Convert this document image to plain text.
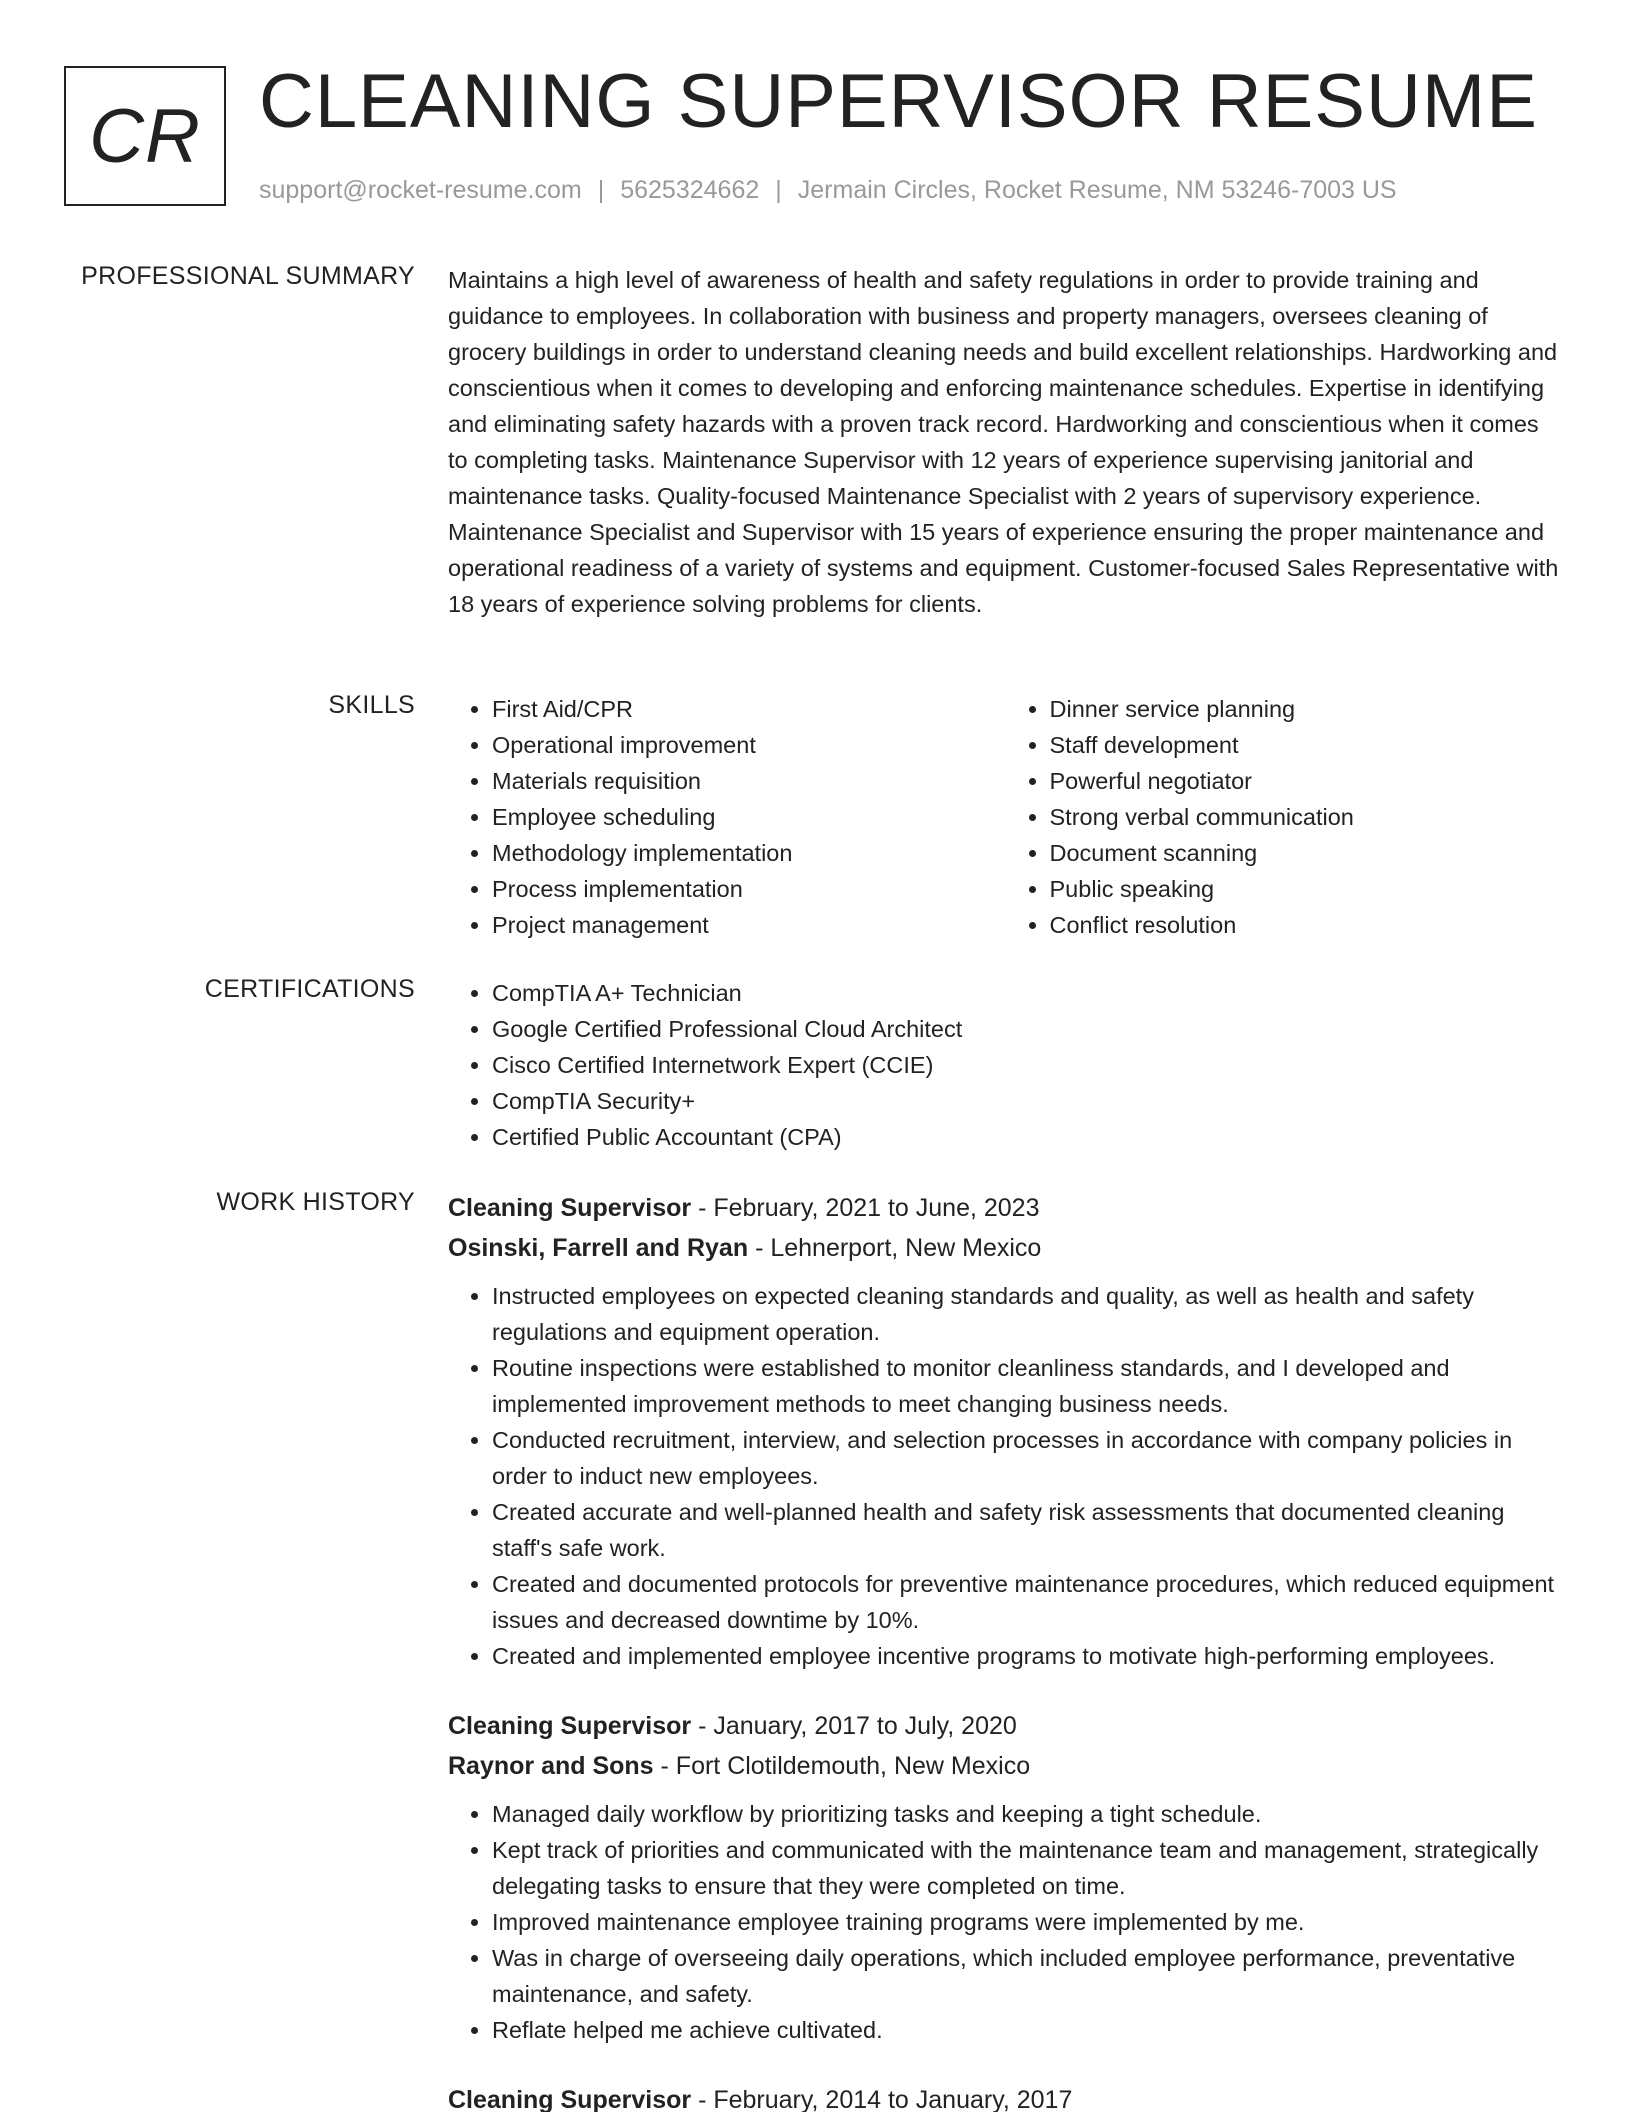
CR CLEANING SUPERVISOR RESUME
support@rocket-resume.com | 5625324662 | Jermain Circles, Rocket Resume, NM 53246-7003 US
PROFESSIONAL SUMMARY Maintains a high level of awareness of health and safety regulations in order to provide training and guidance to employees. In collaboration with business and property managers, oversees cleaning of grocery buildings in order to understand cleaning needs and build excellent relationships. Hardworking and conscientious when it comes to developing and enforcing maintenance schedules. Expertise in identifying and eliminating safety hazards with a proven track record. Hardworking and conscientious when it comes to completing tasks. Maintenance Supervisor with 12 years of experience supervising janitorial and maintenance tasks. Quality-focused Maintenance Specialist with 2 years of supervisory experience. Maintenance Specialist and Supervisor with 15 years of experience ensuring the proper maintenance and operational readiness of a variety of systems and equipment. Customer-focused Sales Representative with 18 years of experience solving problems for clients.

SKILLS	• First Aid/CPR
• Operational improvement
• Materials requisition
• Employee scheduling
• Methodology implementation
• Process implementation
• Project management
• Dinner service planning
• Staff development
• Powerful negotiator
• Strong verbal communication
• Document scanning
• Public speaking
• Conflict resolution
CERTIFICATIONS	• CompTIA A+ Technician
• Google Certified Professional Cloud Architect
• Cisco Certified Internetwork Expert (CCIE)
• CompTIA Security+
• Certified Public Accountant (CPA)
WORK HISTORY Cleaning Supervisor - February, 2021 to June, 2023
Osinski, Farrell and Ryan - Lehnerport, New Mexico
• Instructed employees on expected cleaning standards and quality, as well as health and safety regulations and equipment operation.
• Routine inspections were established to monitor cleanliness standards, and I developed and implemented improvement methods to meet changing business needs.
• Conducted recruitment, interview, and selection processes in accordance with company policies in order to induct new employees.
• Created accurate and well-planned health and safety risk assessments that documented cleaning staff's safe work.
• Created and documented protocols for preventive maintenance procedures, which reduced equipment issues and decreased downtime by 10%.
• Created and implemented employee incentive programs to motivate high-performing employees.
Cleaning Supervisor - January, 2017 to July, 2020
Raynor and Sons - Fort Clotildemouth, New Mexico
• Managed daily workflow by prioritizing tasks and keeping a tight schedule.
• Kept track of priorities and communicated with the maintenance team and management, strategically delegating tasks to ensure that they were completed on time.
• Improved maintenance employee training programs were implemented by me.
• Was in charge of overseeing daily operations, which included employee performance, preventative maintenance, and safety.
• Reflate helped me achieve cultivated.
Cleaning Supervisor - February, 2014 to January, 2017
